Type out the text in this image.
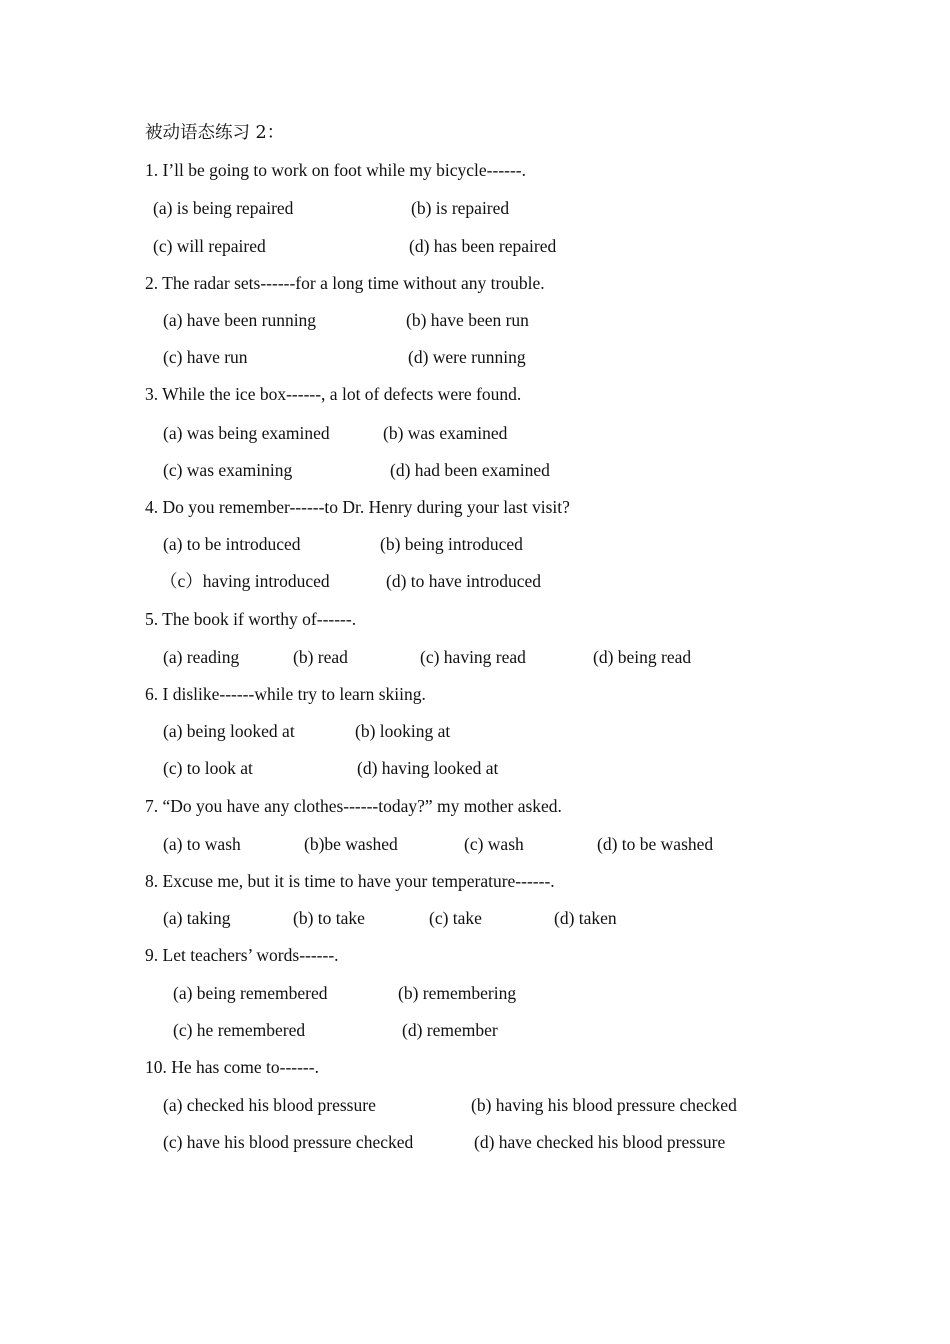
被动语态练习 2：
1. I’ll be going to work on foot while my bicycle------.
(a) is being repaired	(b) is repaired
(c) will repaired	(d) has been repaired
2. The radar sets------for a long time without any trouble.
(a) have been running	(b) have been run
(c) have run	(d) were running
3. While the ice box------, a lot of defects were found.
(a) was being examined	(b) was examined
(c) was examining	(d) had been examined
4. Do you remember------to Dr. Henry during your last visit?
(a) to be introduced	(b) being introduced
（c）having introduced	(d) to have introduced
5. The book if worthy of------.
(a) reading	(b) read	(c) having read	(d) being read
6. I dislike------while try to learn skiing.
(a) being looked at	(b) looking at
(c) to look at	(d) having looked at
7. “Do you have any clothes------today?” my mother asked.
(a) to wash	(b)be washed	(c) wash	(d) to be washed
8. Excuse me, but it is time to have your temperature------.
(a) taking	(b) to take	(c) take	(d) taken
9. Let teachers’ words------.
(a) being remembered	(b) remembering
(c) he remembered	(d) remember
10. He has come to------.
(a) checked his blood pressure	(b) having his blood pressure checked
(c) have his blood pressure checked	(d) have checked his blood pressure
